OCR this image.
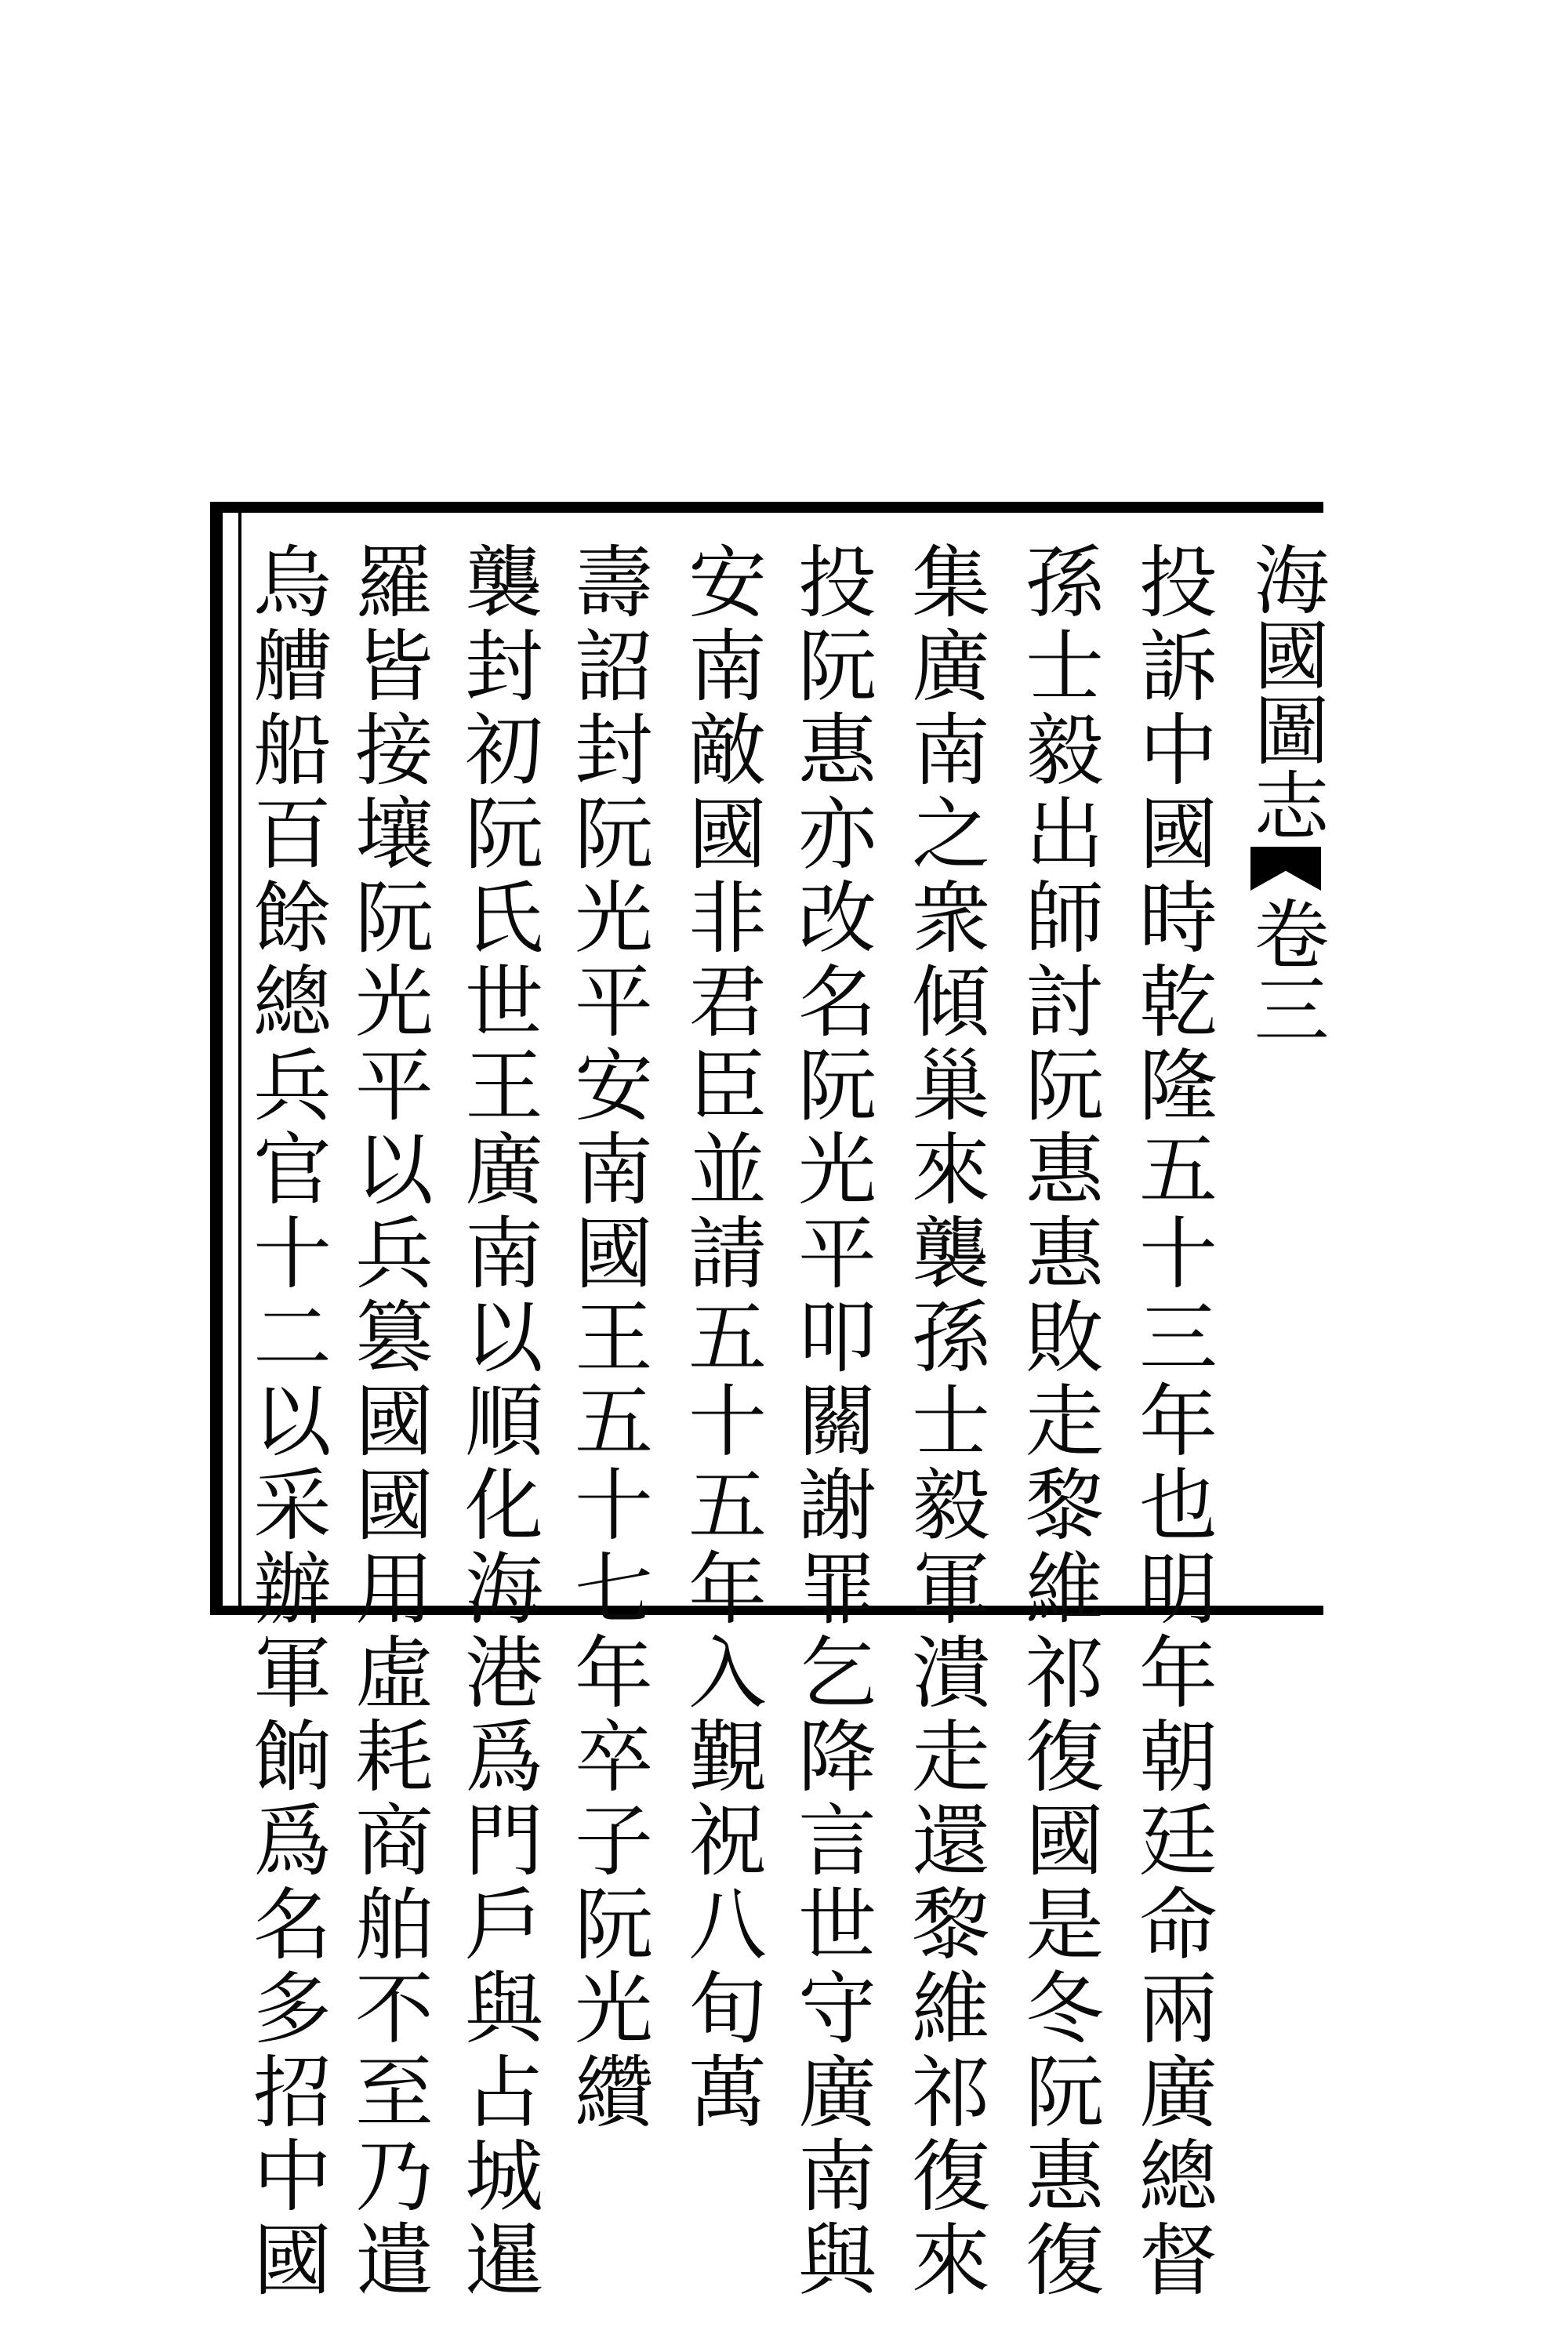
海國圖志
卷三
投訴中國時乾隆五十三年也明年朝廷命兩廣總督
孫士毅出師討阮惠惠敗走黎維祁復國是冬阮惠復
集廣南之衆傾巢來襲孫士毅軍潰走還黎維祁復來
投阮惠亦改名阮光平叩關謝罪乞降言世守廣南與
安南敵國非君臣並請五十五年入覲祝八旬萬
壽詔封阮光平安南國王五十七年卒子阮光纘
襲封初阮氏世王廣南以順化海港爲門戶與占城暹
羅皆接壤阮光平以兵篡國國用虛耗商舶不至乃遣
烏艚船百餘總兵官十二以采辦軍餉爲名多招中國
